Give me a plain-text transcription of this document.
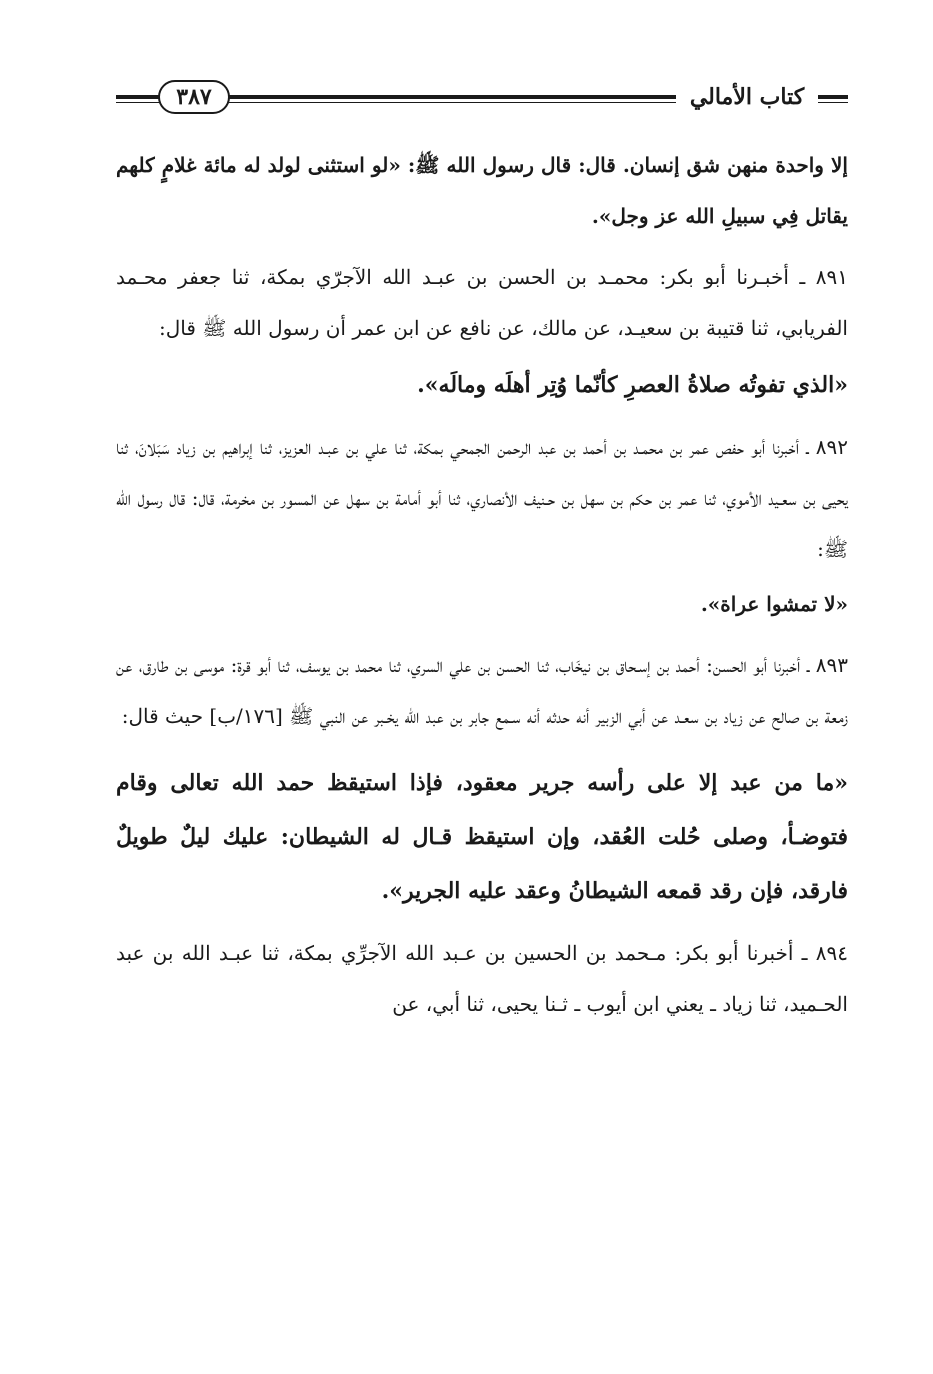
٣٨٧	كتاب الأمالي

إلا واحدة منهن شق إنسان. قال: قال رسول الله ﷺ: «لو استثنى لولد له مائة غلامٍ كلهم يقاتل فِي سبيلِ الله عز وجل».

٨٩١ ـ أخبـرنا أبو بكر: محمـد بن الحسن بن عبـد الله الآجرّي بمكة، ثنا جعفر محـمد الفريابي، ثنا قتيبة بن سعيـد، عن مالك، عن نافع عن ابن عمر أن رسول الله ﷺ قال:

«الذي تفوتُه صلاةُ العصرِ كأنّما وُتِر أهلَه ومالَه».

٨٩٢ ـ أخبرنا أبو حفص عمر بن محمـد بن أحمد بن عبد الرحمن الجمحي بمكة، ثنا علي بن عبـد العزيز، ثنا إبراهيم بن زياد سَبَلانَ، ثنا يحيى بن سعـيد الأموي، ثنا عمر بن حكم بن سهل بن حـنيف الأنصاري، ثنا أبو أمامة بن سهل عن المسور بن مخرمة، قال: قال رسول الله ﷺ:

«لا تمشوا عراة».

٨٩٣ ـ أخبرنا أبو الحسن: أحمد بن إسـحاق بن نيخَاب، ثنا الحسن بن علي السري، ثنا محمد بن يوسف، ثنا أبو قرة: موسى بن طارق، عن زمعة بن صالح عن زياد بن سعـد عن أبي الزبير أنه حدثه أنه سـمع جابر بن عبد الله يخـبر عن النبي ﷺ [١٧٦/ب] حيث قال:

«ما من عبد إلا على رأسه جرير معقود، فإذا استيقظ حمد الله تعالى وقام فتوضـأ، وصلى حُلت العُقد، وإن استيقظ قـال له الشيطان: عليك ليلٌ طويلٌ فارقد، فإن رقد قمعه الشيطانُ وعقد عليه الجرير».

٨٩٤ ـ أخبرنا أبو بكر: مـحمد بن الحسين بن عـبد الله الآجرِّي بمكة، ثنا عبـد الله بن عبد الحـميد، ثنا زياد ـ يعني ابن أيوب ـ ثـنا يحيى، ثنا أبي، عن
